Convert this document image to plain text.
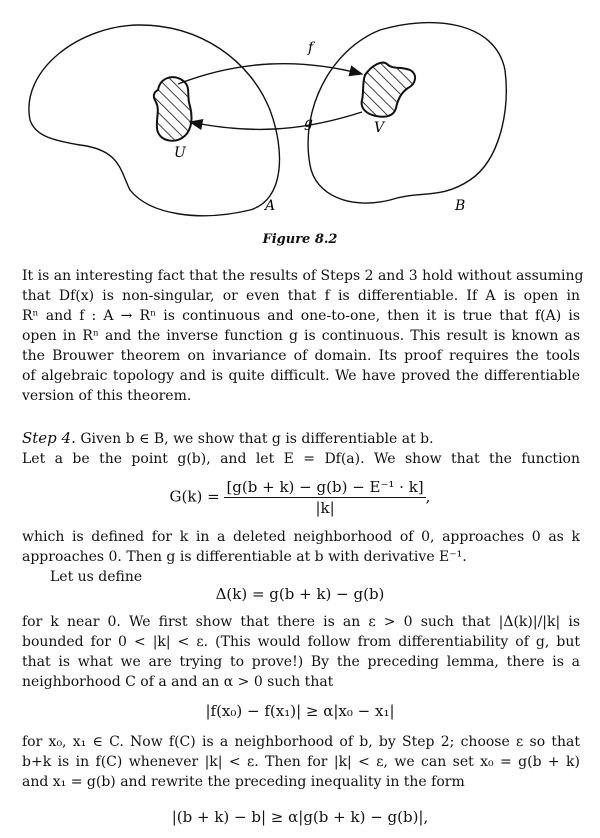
f
g
U
V
A	B
Figure 8.2
It is an interesting fact that the results of Steps 2 and 3 hold without assuming
that Df(x) is non-singular, or even that f is differentiable. If A is open in
Rⁿ and f : A → Rⁿ is continuous and one-to-one, then it is true that f(A) is
open in Rⁿ and the inverse function g is continuous. This result is known as
the Brouwer theorem on invariance of domain. Its proof requires the tools
of algebraic topology and is quite difficult. We have proved the differentiable
version of this theorem.
Step 4. Given b ∈ B, we show that g is differentiable at b.
Let a be the point g(b), and let E = Df(a). We show that the function
$G(k) = \frac{\text{[g(b + k) − g(b) − E⁻¹ · k]}}{|k|}$ ,
which is defined for k in a deleted neighborhood of 0, approaches 0 as k
approaches 0. Then g is differentiable at b with derivative E⁻¹.
Let us define
Δ(k) = g(b + k) − g(b)
for k near 0. We first show that there is an ε > 0 such that |Δ(k)|/|k| is
bounded for 0 < |k| < ε. (This would follow from differentiability of g, but
that is what we are trying to prove!) By the preceding lemma, there is a
neighborhood C of a and an α > 0 such that
|f(x₀) − f(x₁)| ≥ α|x₀ − x₁|
for x₀, x₁ ∈ C. Now f(C) is a neighborhood of b, by Step 2; choose ε so that
b+k is in f(C) whenever |k| < ε. Then for |k| < ε, we can set x₀ = g(b + k)
and x₁ = g(b) and rewrite the preceding inequality in the form
|(b + k) − b| ≥ α|g(b + k) − g(b)|,
